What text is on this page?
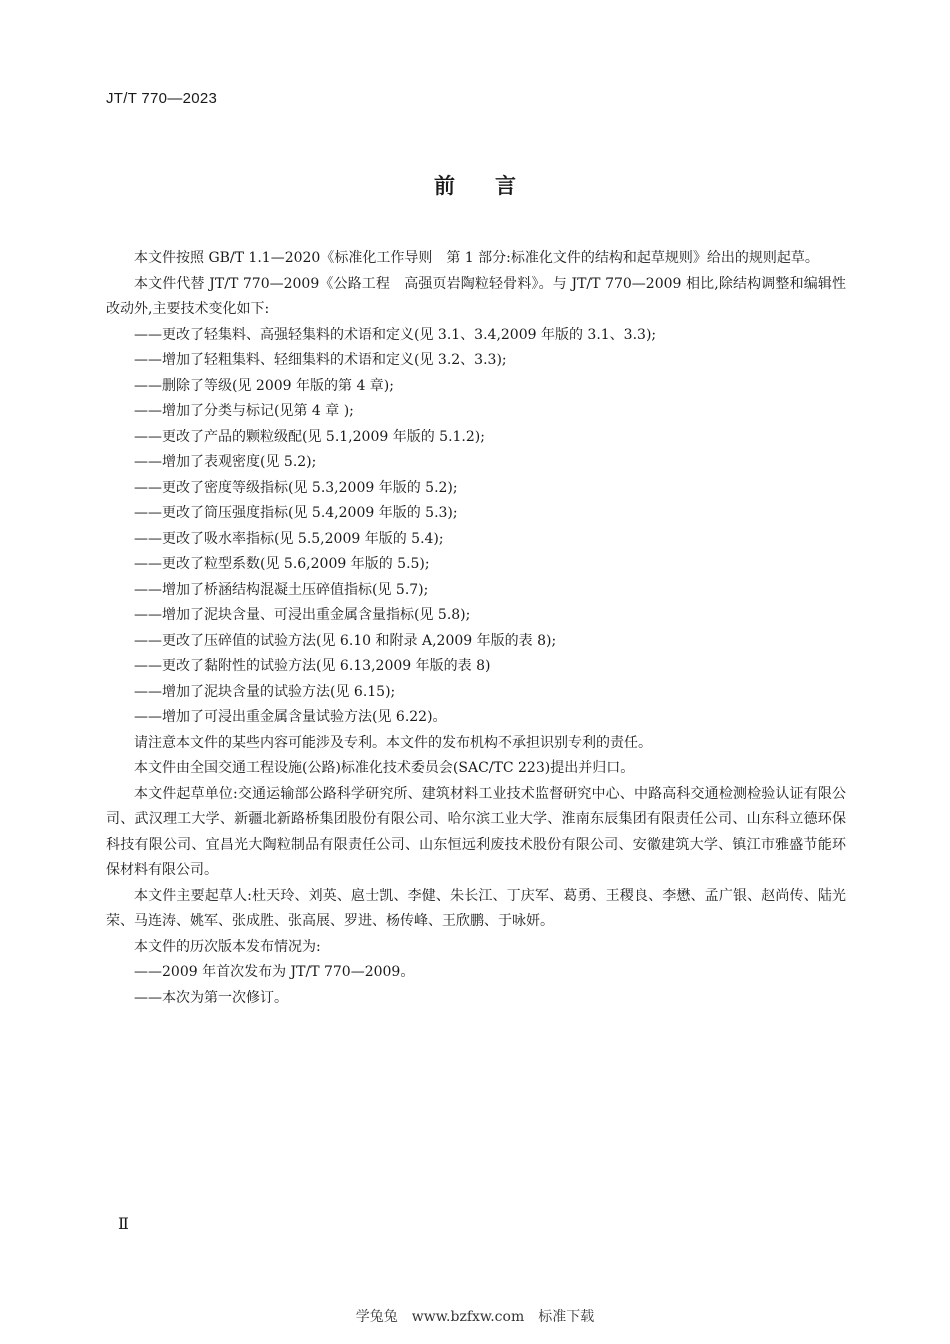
JT/T 770—2023
前言

本文件按照 GB/T 1.1—2020《标准化工作导则　第 1 部分:标准化文件的结构和起草规则》给出的规则起草。

本文件代替 JT/T 770—2009《公路工程　高强页岩陶粒轻骨料》。与 JT/T 770—2009 相比,除结构调整和编辑性改动外,主要技术变化如下:

——更改了轻集料、高强轻集料的术语和定义(见 3.1、3.4,2009 年版的 3.1、3.3);

——增加了轻粗集料、轻细集料的术语和定义(见 3.2、3.3);

——删除了等级(见 2009 年版的第 4 章);

——增加了分类与标记(见第 4 章 );

——更改了产品的颗粒级配(见 5.1,2009 年版的 5.1.2);

——增加了表观密度(见 5.2);

——更改了密度等级指标(见 5.3,2009 年版的 5.2);

——更改了筒压强度指标(见 5.4,2009 年版的 5.3);

——更改了吸水率指标(见 5.5,2009 年版的 5.4);

——更改了粒型系数(见 5.6,2009 年版的 5.5);

——增加了桥涵结构混凝土压碎值指标(见 5.7);

——增加了泥块含量、可浸出重金属含量指标(见 5.8);

——更改了压碎值的试验方法(见 6.10 和附录 A,2009 年版的表 8);

——更改了黏附性的试验方法(见 6.13,2009 年版的表 8)

——增加了泥块含量的试验方法(见 6.15);

——增加了可浸出重金属含量试验方法(见 6.22)。

请注意本文件的某些内容可能涉及专利。本文件的发布机构不承担识别专利的责任。

本文件由全国交通工程设施(公路)标准化技术委员会(SAC/TC 223)提出并归口。

本文件起草单位:交通运输部公路科学研究所、建筑材料工业技术监督研究中心、中路高科交通检测检验认证有限公司、武汉理工大学、新疆北新路桥集团股份有限公司、哈尔滨工业大学、淮南东辰集团有限责任公司、山东科立德环保科技有限公司、宜昌光大陶粒制品有限责任公司、山东恒远利废技术股份有限公司、安徽建筑大学、镇江市雅盛节能环保材料有限公司。

本文件主要起草人:杜天玲、刘英、扈士凯、李健、朱长江、丁庆军、葛勇、王稷良、李懋、孟广银、赵尚传、陆光荣、马连涛、姚军、张成胜、张高展、罗进、杨传峰、王欣鹏、于咏妍。

本文件的历次版本发布情况为:

——2009 年首次发布为 JT/T 770—2009。

——本次为第一次修订。

Ⅱ
学兔兔　www.bzfxw.com　标准下载
